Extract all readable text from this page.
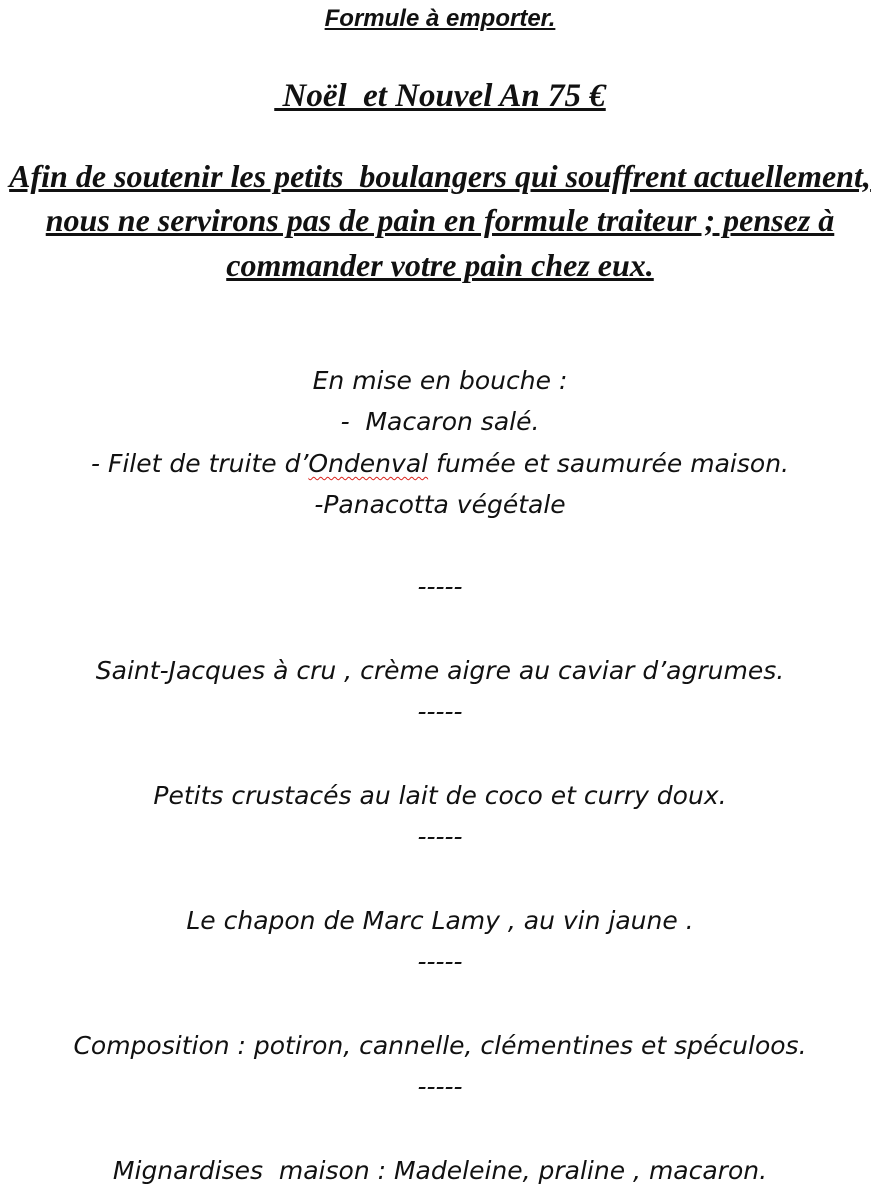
Formule à emporter.
Noël  et Nouvel An 75 €
Afin de soutenir les petits  boulangers qui souffrent actuellement,
nous ne servirons pas de pain en formule traiteur ; pensez à
commander votre pain chez eux.
En mise en bouche :
-  Macaron salé.
- Filet de truite d’Ondenval fumée et saumurée maison.
-Panacotta végétale
-----
Saint-Jacques à cru , crème aigre au caviar d’agrumes.
-----
Petits crustacés au lait de coco et curry doux.
-----
Le chapon de Marc Lamy , au vin jaune .
-----
Composition : potiron, cannelle, clémentines et spéculoos.
-----
Mignardises  maison : Madeleine, praline , macaron.
